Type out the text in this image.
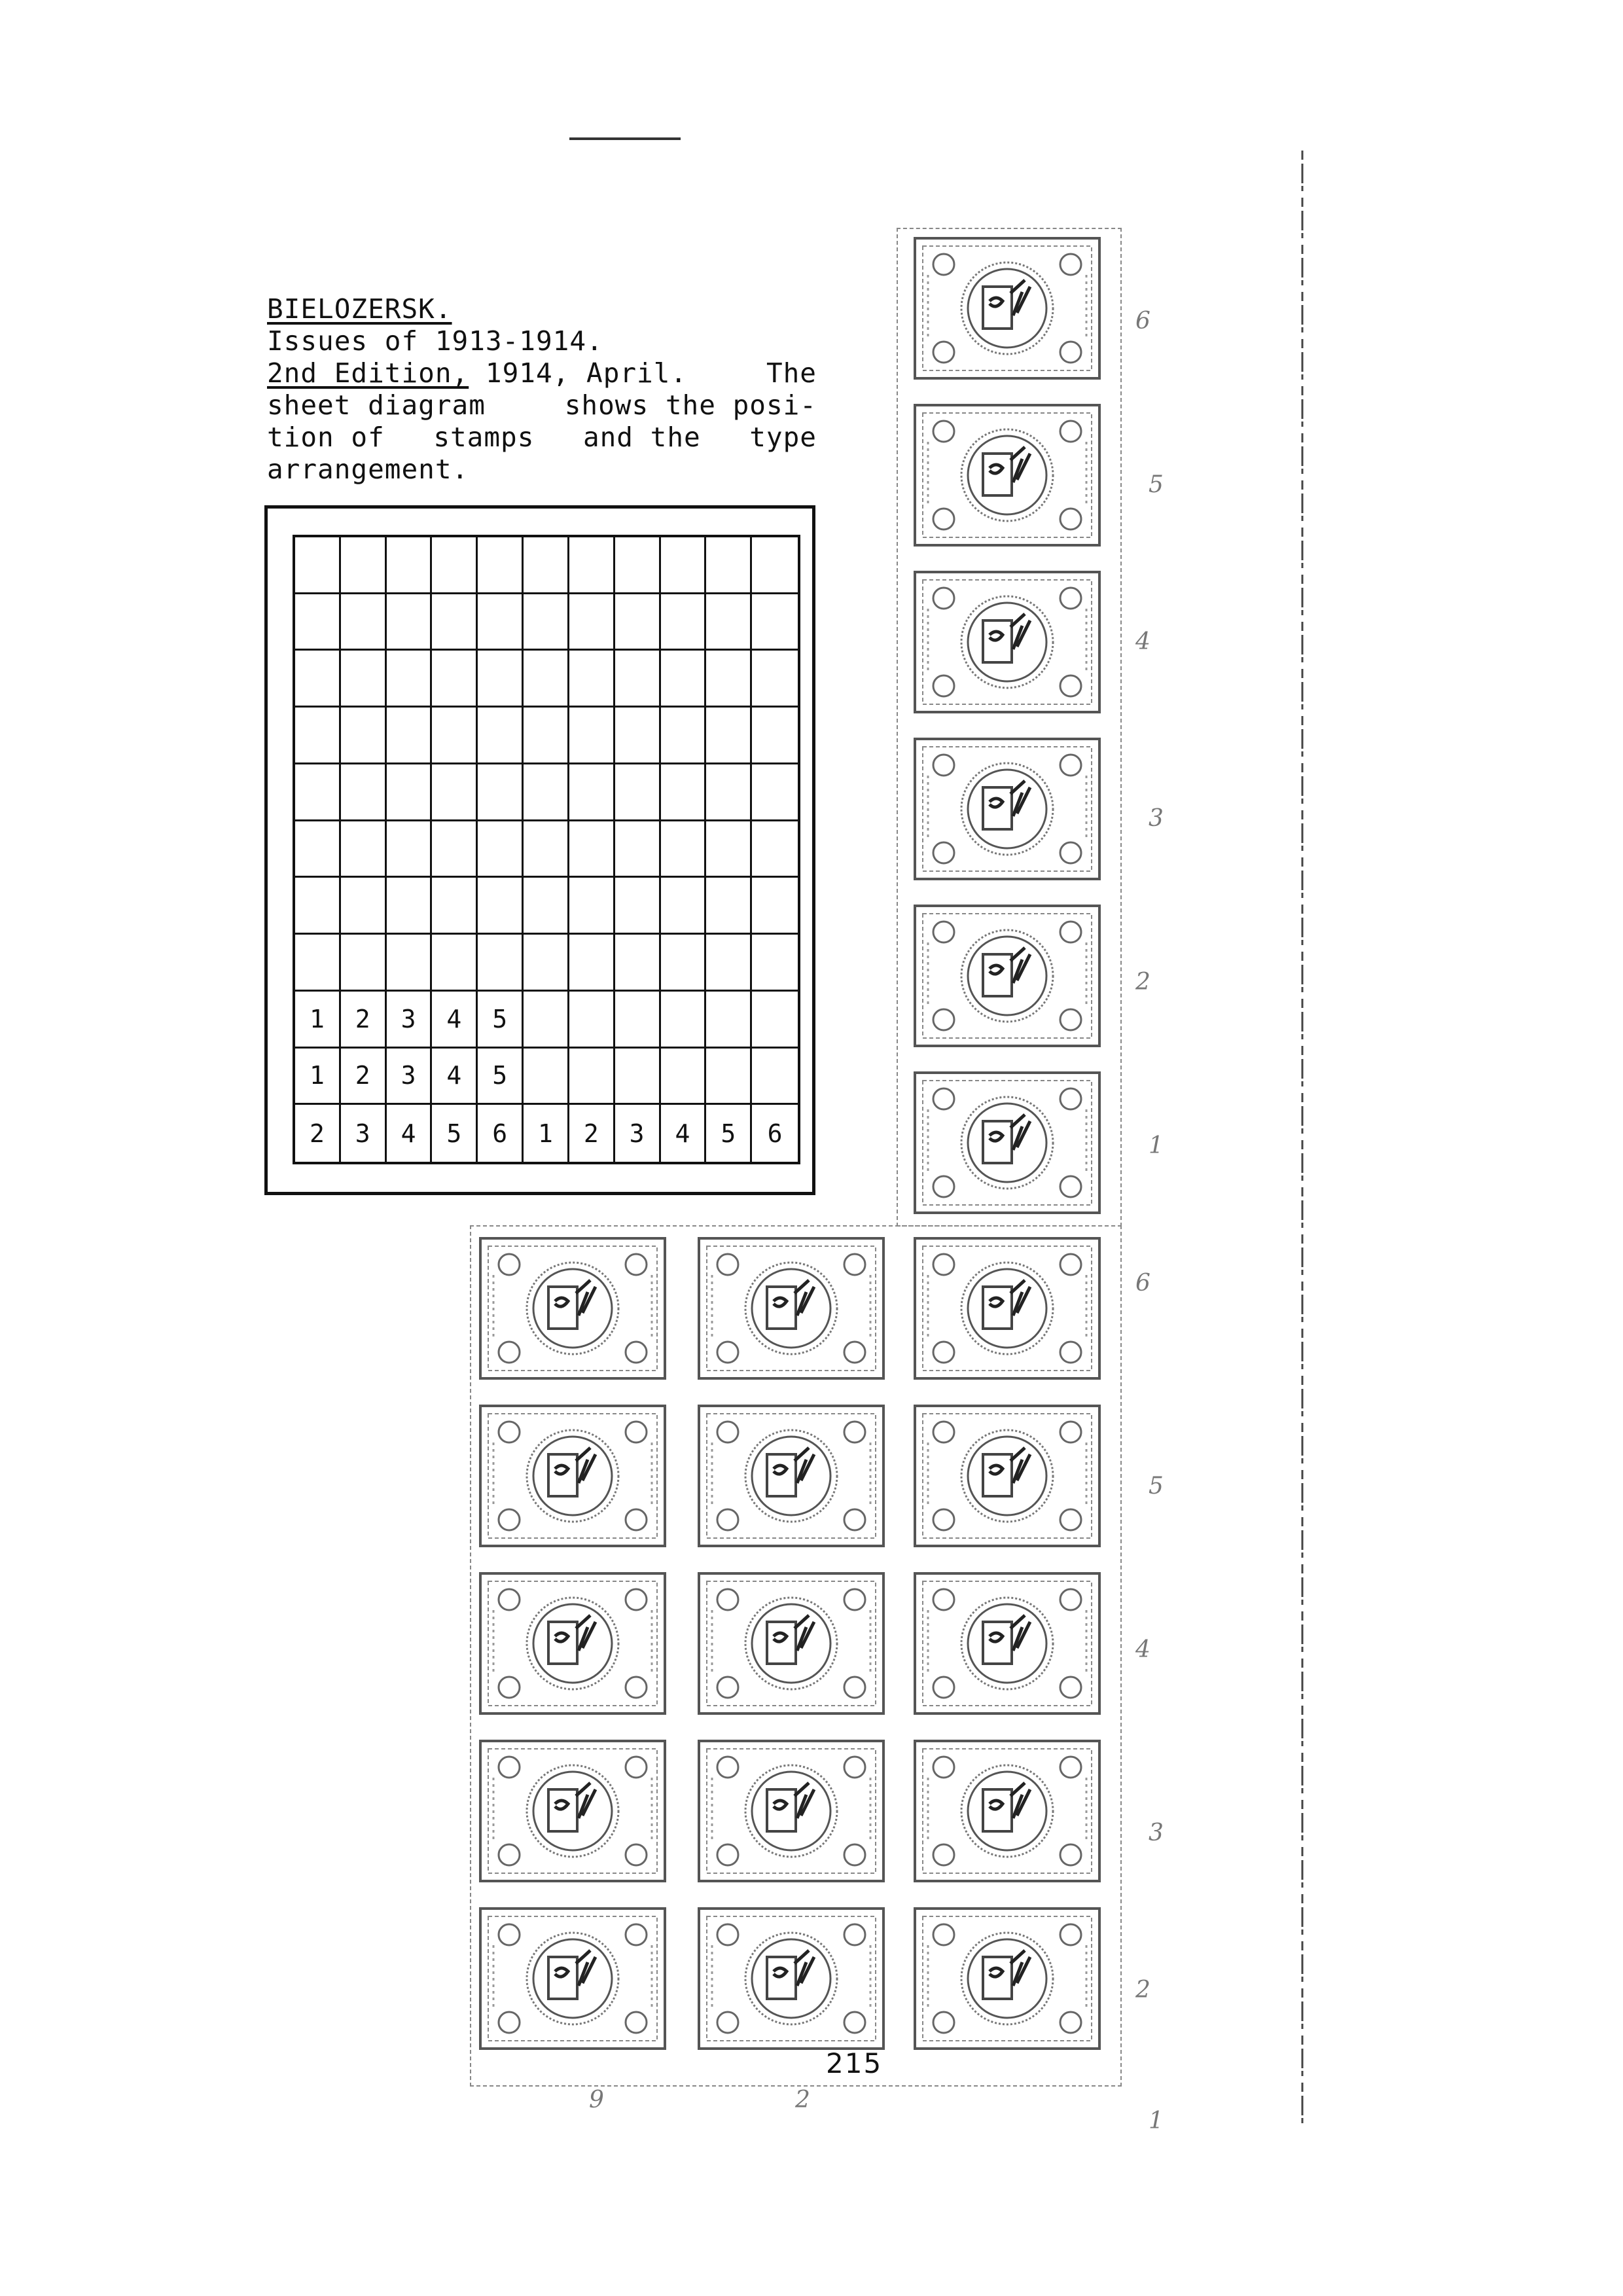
BIELOZERSK.
Issues of 1913-1914.
2nd Edition, 1914, April.	The
sheet diagram	shows the posi-
tion of stamps and the type
arrangement.
1	2	3	4	5
1	2	3	4	5
2	3	4	5	6	1	2	3	4	5	6
6
5
4
3
2
1
6
5
4
3
2
1
9	2
215
